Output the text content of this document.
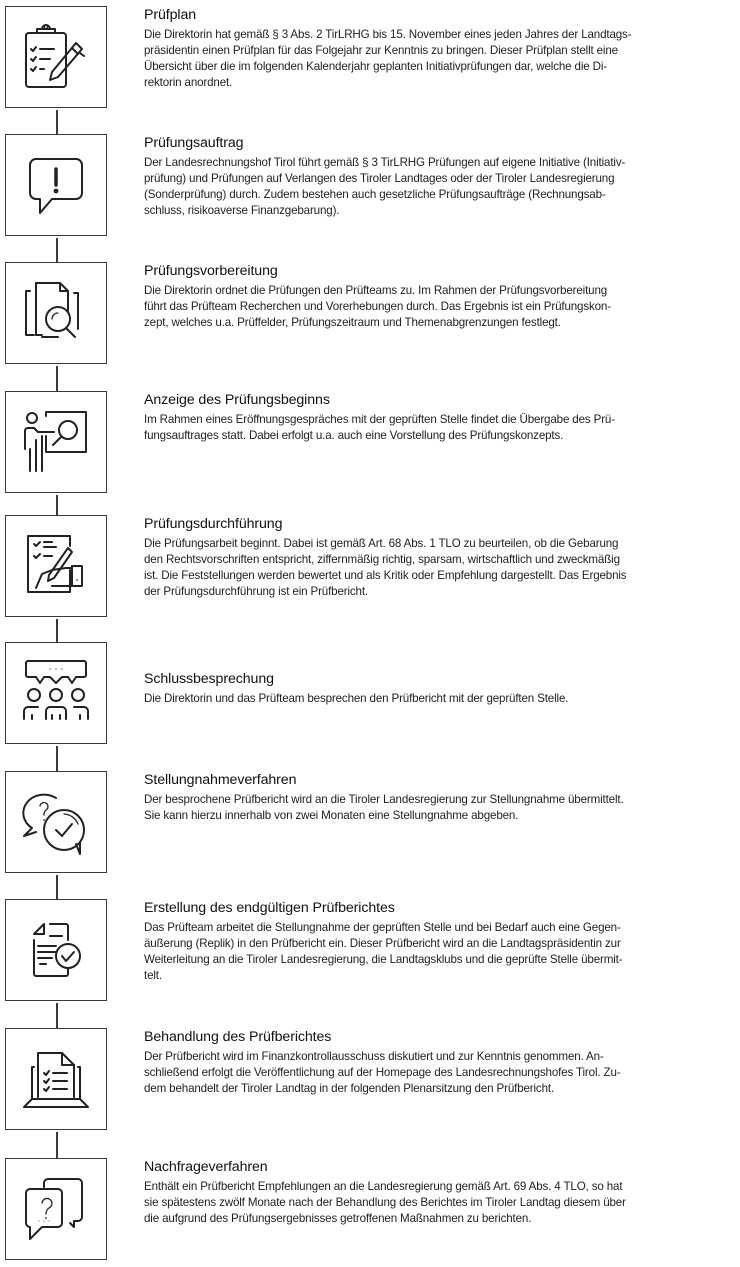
Prüfplan

Die Direktorin hat gemäß § 3 Abs. 2 TirLRHG bis 15. November eines jeden Jahres der Landtags-
präsidentin einen Prüfplan für das Folgejahr zur Kenntnis zu bringen. Dieser Prüfplan stellt eine
Übersicht über die im folgenden Kalenderjahr geplanten Initiativprüfungen dar, welche die Di-
rektorin anordnet.

Prüfungsauftrag

Der Landesrechnungshof Tirol führt gemäß § 3 TirLRHG Prüfungen auf eigene Initiative (Initiativ-
prüfung) und Prüfungen auf Verlangen des Tiroler Landtages oder der Tiroler Landesregierung
(Sonderprüfung) durch. Zudem bestehen auch gesetzliche Prüfungsaufträge (Rechnungsab-
schluss, risikoaverse Finanzgebarung).

Prüfungsvorbereitung

Die Direktorin ordnet die Prüfungen den Prüfteams zu. Im Rahmen der Prüfungsvorbereitung
führt das Prüfteam Recherchen und Vorerhebungen durch. Das Ergebnis ist ein Prüfungskon-
zept, welches u.a. Prüffelder, Prüfungszeitraum und Themenabgrenzungen festlegt.

Anzeige des Prüfungsbeginns

Im Rahmen eines Eröffnungsgespräches mit der geprüften Stelle findet die Übergabe des Prü-
fungsauftrages statt. Dabei erfolgt u.a. auch eine Vorstellung des Prüfungskonzepts.

Prüfungsdurchführung

Die Prüfungsarbeit beginnt. Dabei ist gemäß Art. 68 Abs. 1 TLO zu beurteilen, ob die Gebarung
den Rechtsvorschriften entspricht, ziffernmäßig richtig, sparsam, wirtschaftlich und zweckmäßig
ist. Die Feststellungen werden bewertet und als Kritik oder Empfehlung dargestellt. Das Ergebnis
der Prüfungsdurchführung ist ein Prüfbericht.

Schlussbesprechung

Die Direktorin und das Prüfteam besprechen den Prüfbericht mit der geprüften Stelle.

Stellungnahmeverfahren

Der besprochene Prüfbericht wird an die Tiroler Landesregierung zur Stellungnahme übermittelt.
Sie kann hierzu innerhalb von zwei Monaten eine Stellungnahme abgeben.

Erstellung des endgültigen Prüfberichtes

Das Prüfteam arbeitet die Stellungnahme der geprüften Stelle und bei Bedarf auch eine Gegen-
äußerung (Replik) in den Prüfbericht ein. Dieser Prüfbericht wird an die Landtagspräsidentin zur
Weiterleitung an die Tiroler Landesregierung, die Landtagsklubs und die geprüfte Stelle übermit-
telt.

Behandlung des Prüfberichtes

Der Prüfbericht wird im Finanzkontrollausschuss diskutiert und zur Kenntnis genommen. An-
schließend erfolgt die Veröffentlichung auf der Homepage des Landesrechnungshofes Tirol. Zu-
dem behandelt der Tiroler Landtag in der folgenden Plenarsitzung den Prüfbericht.

Nachfrageverfahren

Enthält ein Prüfbericht Empfehlungen an die Landesregierung gemäß Art. 69 Abs. 4 TLO, so hat
sie spätestens zwölf Monate nach der Behandlung des Berichtes im Tiroler Landtag diesem über
die aufgrund des Prüfungsergebnisses getroffenen Maßnahmen zu berichten.
